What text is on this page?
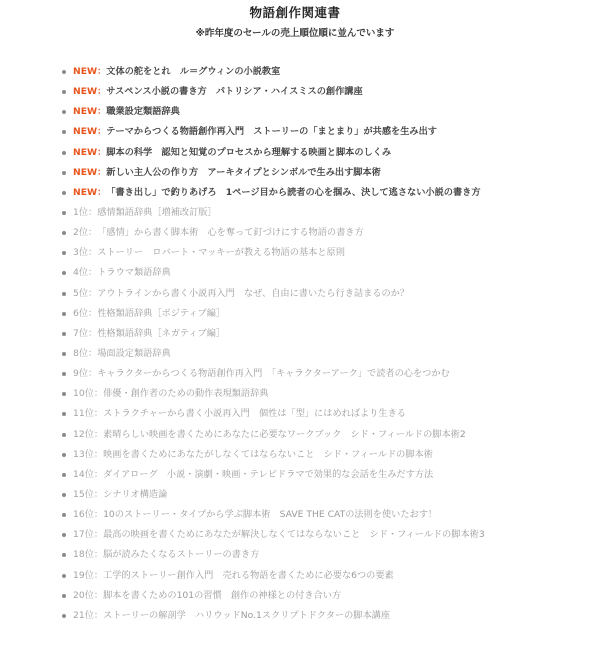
物語創作関連書
※昨年度のセールの売上順位順に並んでいます
NEW： 文体の舵をとれ　ル＝グウィンの小説教室
NEW： サスペンス小説の書き方　パトリシア・ハイスミスの創作講座
NEW： 職業設定類語辞典
NEW： テーマからつくる物語創作再入門　ストーリーの「まとまり」が共感を生み出す
NEW： 脚本の科学　認知と知覚のプロセスから理解する映画と脚本のしくみ
NEW： 新しい主人公の作り方　アーキタイプとシンボルで生み出す脚本術
NEW： 「書き出し」で釣りあげろ　1ページ目から読者の心を掴み、決して逃さない小説の書き方
1位： 感情類語辞典［増補改訂版］
2位： 「感情」から書く脚本術　心を奪って釘づけにする物語の書き方
3位： ストーリー　ロバート・マッキーが教える物語の基本と原則
4位： トラウマ類語辞典
5位： アウトラインから書く小説再入門　なぜ、自由に書いたら行き詰まるのか？
6位： 性格類語辞典［ポジティブ編］
7位： 性格類語辞典［ネガティブ編］
8位： 場面設定類語辞典
9位： キャラクターからつくる物語創作再入門　「キャラクターアーク」で読者の心をつかむ
10位： 俳優・創作者のための動作表現類語辞典
11位： ストラクチャーから書く小説再入門　個性は「型」にはめればより生きる
12位： 素晴らしい映画を書くためにあなたに必要なワークブック　シド・フィールドの脚本術2
13位： 映画を書くためにあなたがしなくてはならないこと　シド・フィールドの脚本術
14位： ダイアローグ　小説・演劇・映画・テレビドラマで効果的な会話を生みだす方法
15位： シナリオ構造論
16位： 10のストーリー・タイプから学ぶ脚本術　SAVE THE CATの法則を使いたおす！
17位： 最高の映画を書くためにあなたが解決しなくてはならないこと　シド・フィールドの脚本術3
18位： 脳が読みたくなるストーリーの書き方
19位： 工学的ストーリー創作入門　売れる物語を書くために必要な6つの要素
20位： 脚本を書くための101の習慣　創作の神様との付き合い方
21位： ストーリーの解剖学　ハリウッドNo.1スクリプトドクターの脚本講座
